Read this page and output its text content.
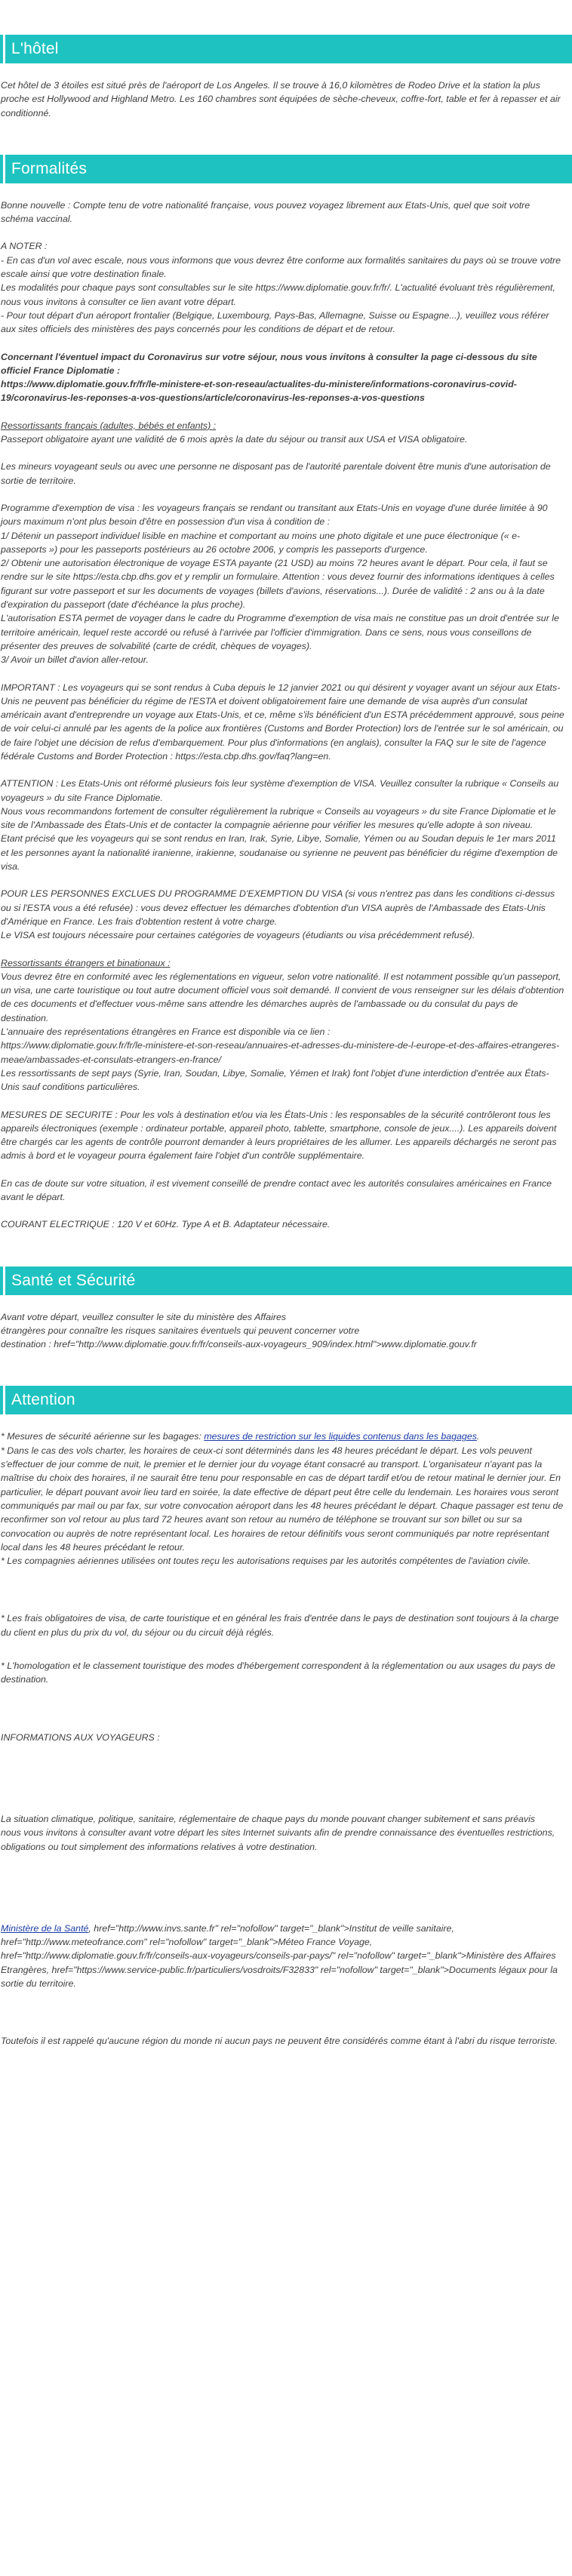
L'hôtel

Cet hôtel de 3 étoiles est situé près de l'aéroport de Los Angeles. Il se trouve à 16,0 kilomètres de Rodeo Drive et la station la plus proche est Hollywood and Highland Metro. Les 160 chambres sont équipées de sèche-cheveux, coffre-fort, table et fer à repasser et air conditionné.

Formalités

Bonne nouvelle : Compte tenu de votre nationalité française, vous pouvez voyagez librement aux Etats-Unis, quel que soit votre schéma vaccinal.

A NOTER :
- En cas d'un vol avec escale, nous vous informons que vous devrez être conforme aux formalités sanitaires du pays où se trouve votre escale ainsi que votre destination finale.
Les modalités pour chaque pays sont consultables sur le site https://www.diplomatie.gouv.fr/fr/. L'actualité évoluant très régulièrement, nous vous invitons à consulter ce lien avant votre départ.
- Pour tout départ d'un aéroport frontalier (Belgique, Luxembourg, Pays-Bas, Allemagne, Suisse ou Espagne...), veuillez vous référer aux sites officiels des ministères des pays concernés pour les conditions de départ et de retour.

Concernant l'éventuel impact du Coronavirus sur votre séjour, nous vous invitons à consulter la page ci-dessous du site officiel France Diplomatie :
https://www.diplomatie.gouv.fr/fr/le-ministere-et-son-reseau/actualites-du-ministere/informations-coronavirus-covid-19/coronavirus-les-reponses-a-vos-questions/article/coronavirus-les-reponses-a-vos-questions

Ressortissants français (adultes, bébés et enfants) :
Passeport obligatoire ayant une validité de 6 mois après la date du séjour ou transit aux USA et VISA obligatoire.

Les mineurs voyageant seuls ou avec une personne ne disposant pas de l'autorité parentale doivent être munis d'une autorisation de sortie de territoire.

Programme d'exemption de visa : les voyageurs français se rendant ou transitant aux Etats-Unis en voyage d'une durée limitée à 90 jours maximum n'ont plus besoin d'être en possession d'un visa à condition de :
1/ Détenir un passeport individuel lisible en machine et comportant au moins une photo digitale et une puce électronique (« e-passeports ») pour les passeports postérieurs au 26 octobre 2006, y compris les passeports d'urgence.
2/ Obtenir une autorisation électronique de voyage ESTA payante (21 USD) au moins 72 heures avant le départ. Pour cela, il faut se rendre sur le site https://esta.cbp.dhs.gov et y remplir un formulaire. Attention : vous devez fournir des informations identiques à celles figurant sur votre passeport et sur les documents de voyages (billets d'avions, réservations...). Durée de validité : 2 ans ou à la date d'expiration du passeport (date d'échéance la plus proche).
L'autorisation ESTA permet de voyager dans le cadre du Programme d'exemption de visa mais ne constitue pas un droit d'entrée sur le territoire américain, lequel reste accordé ou refusé à l'arrivée par l'officier d'immigration. Dans ce sens, nous vous conseillons de présenter des preuves de solvabilité (carte de crédit, chèques de voyages).
3/ Avoir un billet d'avion aller-retour.

IMPORTANT : Les voyageurs qui se sont rendus à Cuba depuis le 12 janvier 2021 ou qui désirent y voyager avant un séjour aux Etats-Unis ne peuvent pas bénéficier du régime de l'ESTA et doivent obligatoirement faire une demande de visa auprès d'un consulat américain avant d'entreprendre un voyage aux Etats-Unis, et ce, même s'ils bénéficient d'un ESTA précédemment approuvé, sous peine de voir celui-ci annulé par les agents de la police aux frontières (Customs and Border Protection) lors de l'entrée sur le sol américain, ou de faire l'objet une décision de refus d'embarquement. Pour plus d'informations (en anglais), consulter la FAQ sur le site de l'agence fédérale Customs and Border Protection : https://esta.cbp.dhs.gov/faq?lang=en.

ATTENTION : Les Etats-Unis ont réformé plusieurs fois leur système d'exemption de VISA. Veuillez consulter la rubrique « Conseils au voyageurs » du site France Diplomatie.
Nous vous recommandons fortement de consulter régulièrement la rubrique « Conseils au voyageurs » du site France Diplomatie et le site de l'Ambassade des États-Unis et de contacter la compagnie aérienne pour vérifier les mesures qu'elle adopte à son niveau.
Etant précisé que les voyageurs qui se sont rendus en Iran, Irak, Syrie, Libye, Somalie, Yémen ou au Soudan depuis le 1er mars 2011 et les personnes ayant la nationalité iranienne, irakienne, soudanaise ou syrienne ne peuvent pas bénéficier du régime d'exemption de visa.

POUR LES PERSONNES EXCLUES DU PROGRAMME D'EXEMPTION DU VISA (si vous n'entrez pas dans les conditions ci-dessus ou si l'ESTA vous a été refusée) : vous devez effectuer les démarches d'obtention d'un VISA auprès de l'Ambassade des Etats-Unis d'Amérique en France. Les frais d'obtention restent à votre charge.
Le VISA est toujours nécessaire pour certaines catégories de voyageurs (étudiants ou visa précédemment refusé).

Ressortissants étrangers et binationaux :
Vous devrez être en conformité avec les réglementations en vigueur, selon votre nationalité. Il est notamment possible qu'un passeport, un visa, une carte touristique ou tout autre document officiel vous soit demandé. Il convient de vous renseigner sur les délais d'obtention de ces documents et d'effectuer vous-même sans attendre les démarches auprès de l'ambassade ou du consulat du pays de destination.
L'annuaire des représentations étrangères en France est disponible via ce lien :
https://www.diplomatie.gouv.fr/fr/le-ministere-et-son-reseau/annuaires-et-adresses-du-ministere-de-l-europe-et-des-affaires-etrangeres-meae/ambassades-et-consulats-etrangers-en-france/
Les ressortissants de sept pays (Syrie, Iran, Soudan, Libye, Somalie, Yémen et Irak) font l'objet d'une interdiction d'entrée aux États-Unis sauf conditions particulières.

MESURES DE SECURITE : Pour les vols à destination et/ou via les États-Unis : les responsables de la sécurité contrôleront tous les appareils électroniques (exemple : ordinateur portable, appareil photo, tablette, smartphone, console de jeux....). Les appareils doivent être chargés car les agents de contrôle pourront demander à leurs propriétaires de les allumer. Les appareils déchargés ne seront pas admis à bord et le voyageur pourra également faire l'objet d'un contrôle supplémentaire.

En cas de doute sur votre situation, il est vivement conseillé de prendre contact avec les autorités consulaires américaines en France avant le départ.

COURANT ELECTRIQUE : 120 V et 60Hz. Type A et B. Adaptateur nécessaire.

Santé et Sécurité

Avant votre départ, veuillez consulter le site du ministère des Affaires
étrangères pour connaître les risques sanitaires éventuels qui peuvent concerner votre
destination : href="http://www.diplomatie.gouv.fr/fr/conseils-aux-voyageurs_909/index.html">www.diplomatie.gouv.fr

Attention

* Mesures de sécurité aérienne sur les bagages: mesures de restriction sur les liquides contenus dans les bagages.

* Dans le cas des vols charter, les horaires de ceux-ci sont déterminés dans les 48 heures précédant le départ. Les vols peuvent s'effectuer de jour comme de nuit, le premier et le dernier jour du voyage étant consacré au transport. L'organisateur n'ayant pas la maîtrise du choix des horaires, il ne saurait être tenu pour responsable en cas de départ tardif et/ou de retour matinal le dernier jour. En particulier, le départ pouvant avoir lieu tard en soirée, la date effective de départ peut être celle du lendemain. Les horaires vous seront communiqués par mail ou par fax, sur votre convocation aéroport dans les 48 heures précédant le départ. Chaque passager est tenu de reconfirmer son vol retour au plus tard 72 heures avant son retour au numéro de téléphone se trouvant sur son billet ou sur sa convocation ou auprès de notre représentant local. Les horaires de retour définitifs vous seront communiqués par notre représentant local dans les 48 heures précédant le retour.
* Les compagnies aériennes utilisées ont toutes reçu les autorisations requises par les autorités compétentes de l'aviation civile.

* Les frais obligatoires de visa, de carte touristique et en général les frais d'entrée dans le pays de destination sont toujours à la charge du client en plus du prix du vol, du séjour ou du circuit déjà réglés.

* L'homologation et le classement touristique des modes d'hébergement correspondent à la réglementation ou aux usages du pays de destination.

INFORMATIONS AUX VOYAGEURS :

La situation climatique, politique, sanitaire, réglementaire de chaque pays du monde pouvant changer subitement et sans préavis
nous vous invitons à consulter avant votre départ les sites Internet suivants afin de prendre connaissance des éventuelles restrictions, obligations ou tout simplement des informations relatives à votre destination.

Ministère de la Santé, href="http://www.invs.sante.fr" rel="nofollow" target="_blank">Institut de veille sanitaire, href="http://www.meteofrance.com" rel="nofollow" target="_blank">Méteo France Voyage, href="http://www.diplomatie.gouv.fr/fr/conseils-aux-voyageurs/conseils-par-pays/" rel="nofollow" target="_blank">Ministère des Affaires Etrangères, href="https://www.service-public.fr/particuliers/vosdroits/F32833" rel="nofollow" target="_blank">Documents légaux pour la sortie du territoire.

Toutefois il est rappelé qu'aucune région du monde ni aucun pays ne peuvent être considérés comme étant à l'abri du risque terroriste.
